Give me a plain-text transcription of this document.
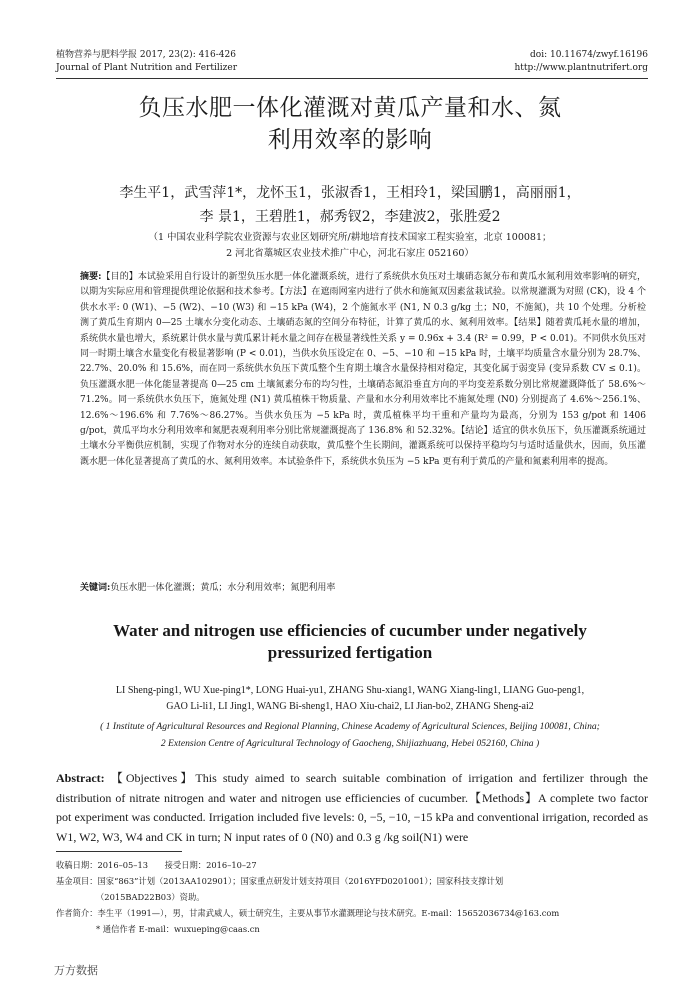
植物营养与肥料学报 2017, 23(2): 416-426
Journal of Plant Nutrition and Fertilizer
doi: 10.11674/zwyf.16196
http://www.plantnutrifert.org
负压水肥一体化灌溉对黄瓜产量和水、氮
利用效率的影响
李生平1，武雪萍1*，龙怀玉1，张淑香1，王相玲1，梁国鹏1，高丽丽1，
李 景1，王碧胜1，郝秀钗2，李建波2，张胜爱2
（1 中国农业科学院农业资源与农业区划研究所/耕地培育技术国家工程实验室，北京 100081；
2 河北省藁城区农业技术推广中心，河北石家庄 052160）
摘要:【目的】本试验采用自行设计的新型负压水肥一体化灌溉系统，进行了系统供水负压对土壤硝态氮分布和黄瓜水氮利用效率影响的研究，以期为实际应用和管理提供理论依据和技术参考。【方法】在遮雨网室内进行了供水和施氮双因素盆栽试验。以常规灌溉为对照 (CK)，设 4 个供水水平: 0 (W1)、−5 (W2)、−10 (W3) 和 −15 kPa (W4)，2 个施氮水平 (N1, N 0.3 g/kg 土；N0，不施氮)，共 10 个处理。分析检测了黄瓜生育期内 0—25 土壤水分变化动态、土壤硝态氮的空间分布特征，计算了黄瓜的水、氮利用效率。【结果】随着黄瓜耗水量的增加，系统供水量也增大，系统累计供水量与黄瓜累计耗水量之间存在极显著线性关系 y = 0.96x + 3.4 (R² = 0.99，P < 0.01)。不同供水负压对同一时期土壤含水量变化有极显著影响 (P < 0.01)，当供水负压设定在 0、−5、−10 和 −15 kPa 时，土壤平均质量含水量分别为 28.7%、22.7%、20.0% 和 15.6%，而在同一系统供水负压下黄瓜整个生育期土壤含水量保持相对稳定，其变化属于弱变异 (变异系数 CV ≤ 0.1)。负压灌溉水肥一体化能显著提高 0—25 cm 土壤氮素分布的均匀性，土壤硝态氮沿垂直方向的平均变差系数分别比常规灌溉降低了 58.6%～71.2%。同一系统供水负压下，施氮处理 (N1) 黄瓜植株干物质量、产量和水分利用效率比不施氮处理 (N0) 分别提高了 4.6%～256.1%、12.6%～196.6% 和 7.76%～86.27%。当供水负压为 −5 kPa 时，黄瓜植株平均干重和产量均为最高，分别为 153 g/pot 和 1406 g/pot，黄瓜平均水分利用效率和氮肥表观利用率分别比常规灌溉提高了 136.8% 和 52.32%。【结论】适宜的供水负压下，负压灌溉系统通过土壤水分平衡供应机制，实现了作物对水分的连续自动获取，黄瓜整个生长期间，灌溉系统可以保持平稳均匀与适时适量供水，因而，负压灌溉水肥一体化显著提高了黄瓜的水、氮利用效率。本试验条件下，系统供水负压为 −5 kPa 更有利于黄瓜的产量和氮素利用率的提高。
关键词:负压水肥一体化灌溉；黄瓜；水分利用效率；氮肥利用率
Water and nitrogen use efficiencies of cucumber under negatively
pressurized fertigation
LI Sheng-ping1, WU Xue-ping1*, LONG Huai-yu1, ZHANG Shu-xiang1, WANG Xiang-ling1, LIANG Guo-peng1,
GAO Li-li1, LI Jing1, WANG Bi-sheng1, HAO Xiu-chai2, LI Jian-bo2, ZHANG Sheng-ai2
( 1 Institute of Agricultural Resources and Regional Planning, Chinese Academy of Agricultural Sciences, Beijing 100081, China;
2 Extension Centre of Agricultural Technology of Gaocheng, Shijiazhuang, Hebei 052160, China )
Abstract: 【Objectives】This study aimed to search suitable combination of irrigation and fertilizer through the distribution of nitrate nitrogen and water and nitrogen use efficiencies of cucumber.【Methods】A complete two factor pot experiment was conducted. Irrigation included five levels: 0, −5, −10, −15 kPa and conventional irrigation, recorded as W1, W2, W3, W4 and CK in turn; N input rates of 0 (N0) and 0.3 g /kg soil(N1) were
收稿日期：2016–05–13　　接受日期：2016–10–27
基金项目：国家“863”计划（2013AA102901）；国家重点研发计划支持项目（2016YFD0201001）；国家科技支撑计划
（2015BAD22B03）资助。
作者简介：李生平（1991—），男，甘肃武威人，硕士研究生，主要从事节水灌溉理论与技术研究。E-mail：15652036734@163.com
* 通信作者 E-mail：wuxueping@caas.cn
万方数据
